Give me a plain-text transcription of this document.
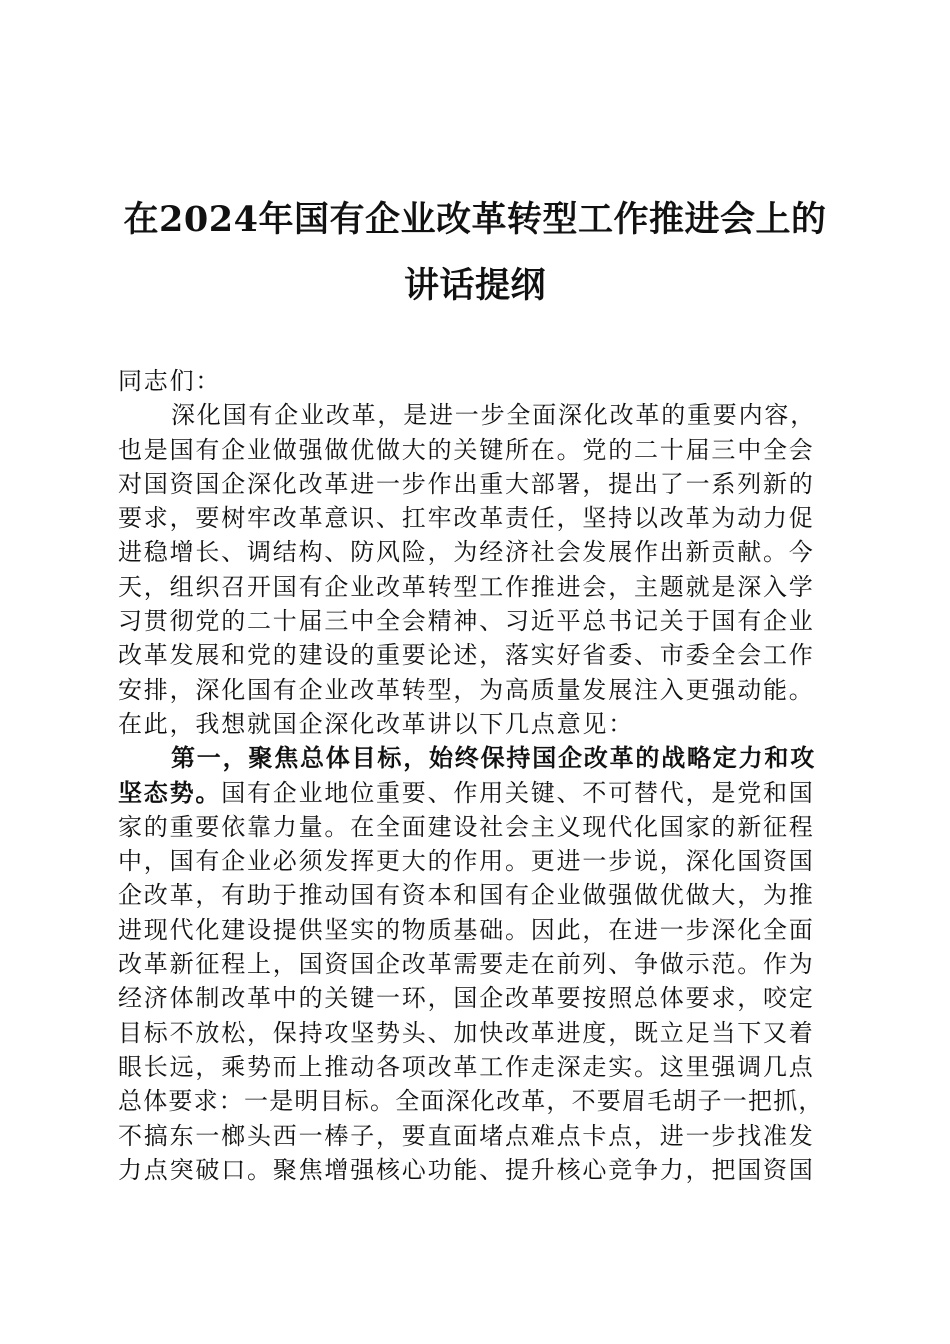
在2024年国有企业改革转型工作推进会上的
讲话提纲
同志们：
深化国有企业改革，是进一步全面深化改革的重要内容，
也是国有企业做强做优做大的关键所在。党的二十届三中全会
对国资国企深化改革进一步作出重大部署，提出了一系列新的
要求，要树牢改革意识、扛牢改革责任，坚持以改革为动力促
进稳增长、调结构、防风险，为经济社会发展作出新贡献。今
天，组织召开国有企业改革转型工作推进会，主题就是深入学
习贯彻党的二十届三中全会精神、习近平总书记关于国有企业
改革发展和党的建设的重要论述，落实好省委、市委全会工作
安排，深化国有企业改革转型，为高质量发展注入更强动能。
在此，我想就国企深化改革讲以下几点意见：
第一，聚焦总体目标，始终保持国企改革的战略定力和攻
坚态势。国有企业地位重要、作用关键、不可替代，是党和国
家的重要依靠力量。在全面建设社会主义现代化国家的新征程
中，国有企业必须发挥更大的作用。更进一步说，深化国资国
企改革，有助于推动国有资本和国有企业做强做优做大，为推
进现代化建设提供坚实的物质基础。因此，在进一步深化全面
改革新征程上，国资国企改革需要走在前列、争做示范。作为
经济体制改革中的关键一环，国企改革要按照总体要求，咬定
目标不放松，保持攻坚势头、加快改革进度，既立足当下又着
眼长远，乘势而上推动各项改革工作走深走实。这里强调几点
总体要求：一是明目标。全面深化改革，不要眉毛胡子一把抓，
不搞东一榔头西一棒子，要直面堵点难点卡点，进一步找准发
力点突破口。聚焦增强核心功能、提升核心竞争力，把国资国
